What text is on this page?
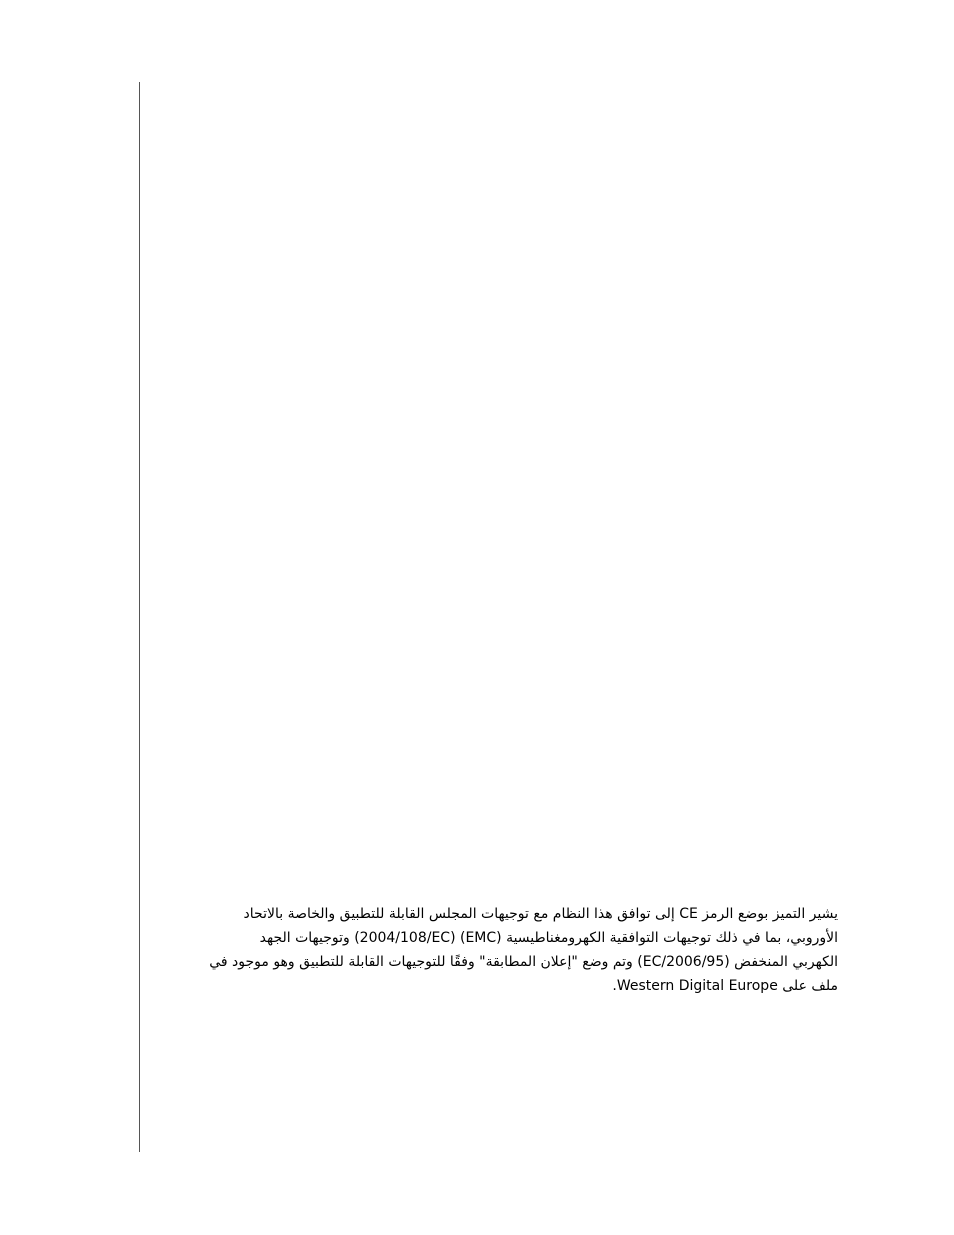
يشير التميز بوضع الرمز CE إلى توافق هذا النظام مع توجيهات المجلس القابلة للتطبيق والخاصة بالاتحاد
الأوروبي، بما في ذلك توجيهات التوافقية الكهرومغناطيسية (EMC) (2004/108/EC) وتوجيهات الجهد
الكهربي المنخفض (2006/95/EC) وتم وضع "إعلان المطابقة" وفقًا للتوجيهات القابلة للتطبيق وهو موجود في
ملف على Western Digital Europe.
